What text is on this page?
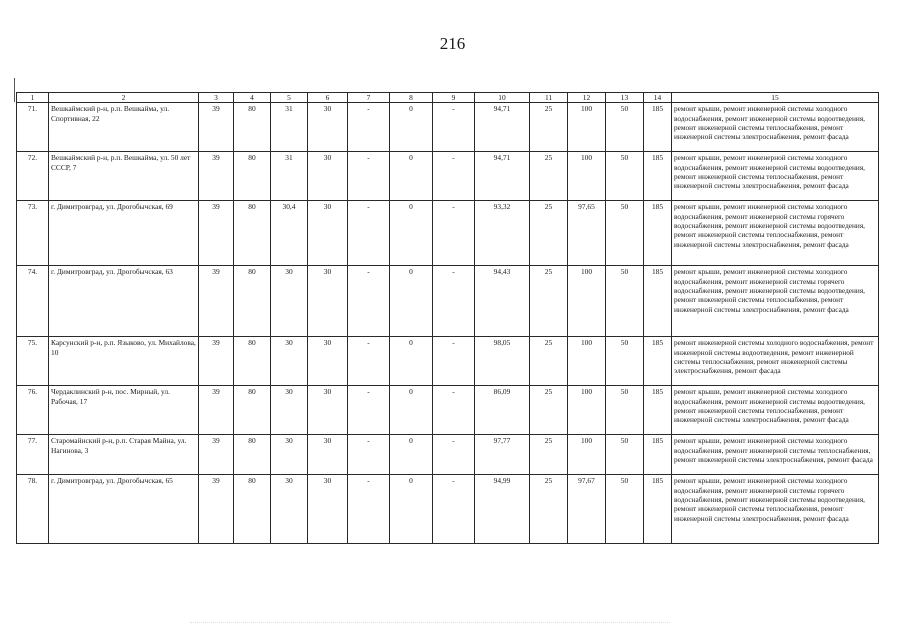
216
1	2	3	4	5	6	7	8	9	10	11	12	13	14	15
71.	Вешкаймский р-н, р.п. Вешкайма, ул. Спортивная, 22	39	80	31	30	-	0	-	94,71	25	100	50	185	ремонт крыши, ремонт инженерной системы холодного водоснабжения, ремонт инженерной системы водоотведения, ремонт инженерной системы теплоснабжения, ремонт инженерной системы электроснабжения, ремонт фасада
72.	Вешкаймский р-н, р.п. Вешкайма, ул. 50 лет СССР, 7	39	80	31	30	-	0	-	94,71	25	100	50	185	ремонт крыши, ремонт инженерной системы холодного водоснабжения, ремонт инженерной системы водоотведения, ремонт инженерной системы теплоснабжения, ремонт инженерной системы электроснабжения, ремонт фасада
73.	г. Димитровград, ул. Дрогобычская, 69	39	80	30,4	30	-	0	-	93,32	25	97,65	50	185	ремонт крыши, ремонт инженерной системы холодного водоснабжения, ремонт инженерной системы горячего водоснабжения, ремонт инженерной системы водоотведения, ремонт инженерной системы теплоснабжения, ремонт инженерной системы электроснабжения, ремонт фасада
74.	г. Димитровград, ул. Дрогобычская, 63	39	80	30	30	-	0	-	94,43	25	100	50	185	ремонт крыши, ремонт инженерной системы холодного водоснабжения, ремонт инженерной системы горячего водоснабжения, ремонт инженерной системы водоотведения, ремонт инженерной системы теплоснабжения, ремонт инженерной системы электроснабжения, ремонт фасада
75.	Карсунский р-н, р.п. Языково, ул. Михайлова, 10	39	80	30	30	-	0	-	98,05	25	100	50	185	ремонт инженерной системы холодного водоснабжения, ремонт инженерной системы водоотведения, ремонт инженерной системы теплоснабжения, ремонт инженерной системы электроснабжения, ремонт фасада
76.	Чердаклинский р-н, пос. Мирный, ул. Рабочая, 17	39	80	30	30	-	0	-	86,09	25	100	50	185	ремонт крыши, ремонт инженерной системы холодного водоснабжения, ремонт инженерной системы водоотведения, ремонт инженерной системы теплоснабжения, ремонт инженерной системы электроснабжения, ремонт фасада
77.	Старомайнский р-н, р.п. Старая Майна, ул. Нагинова, 3	39	80	30	30	-	0	-	97,77	25	100	50	185	ремонт крыши, ремонт инженерной системы холодного водоснабжения, ремонт инженерной системы теплоснабжения, ремонт инженерной системы электроснабжения, ремонт фасада
78.	г. Димитровград, ул. Дрогобычская, 65	39	80	30	30	-	0	-	94,99	25	97,67	50	185	ремонт крыши, ремонт инженерной системы холодного водоснабжения, ремонт инженерной системы горячего водоснабжения, ремонт инженерной системы водоотведения, ремонт инженерной системы теплоснабжения, ремонт инженерной системы электроснабжения, ремонт фасада
